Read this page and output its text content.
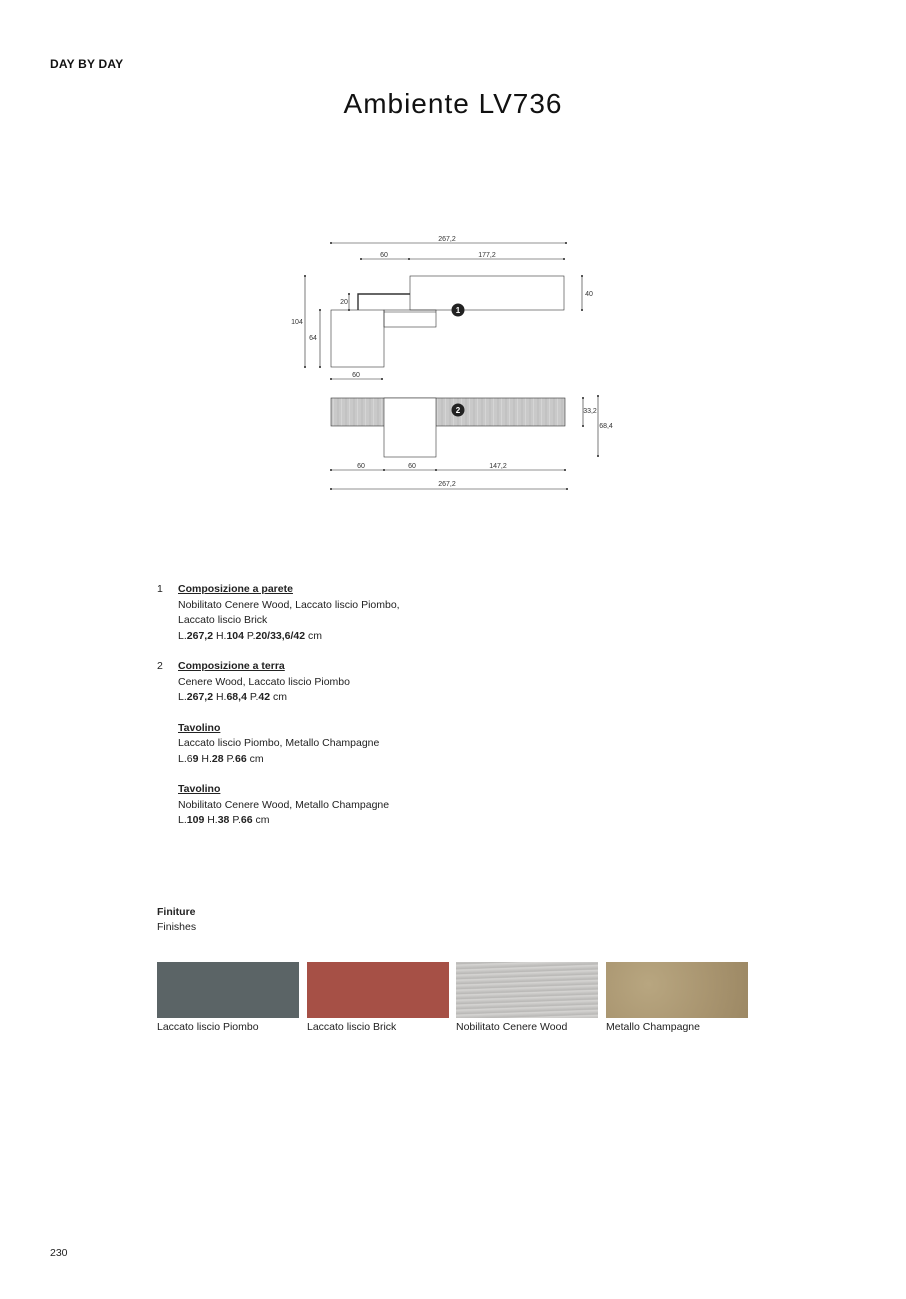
DAY BY DAY
Ambiente LV736
267,2
60	177,2
40
20
104
64
60
1
2	33,2
68,4
60	60	147,2
267,2
1 Composizione a parete
Nobilitato Cenere Wood, Laccato liscio Piombo,
Laccato liscio Brick
L.267,2 H.104 P.20/33,6/42 cm
2 Composizione a terra
Cenere Wood, Laccato liscio Piombo
L.267,2 H.68,4 P.42 cm
Tavolino
Laccato liscio Piombo, Metallo Champagne
L.69 H.28 P.66 cm
Tavolino
Nobilitato Cenere Wood, Metallo Champagne
L.109 H.38 P.66 cm
Finiture
Finishes
Laccato liscio Piombo	Laccato liscio Brick	Nobilitato Cenere Wood	Metallo Champagne
230
